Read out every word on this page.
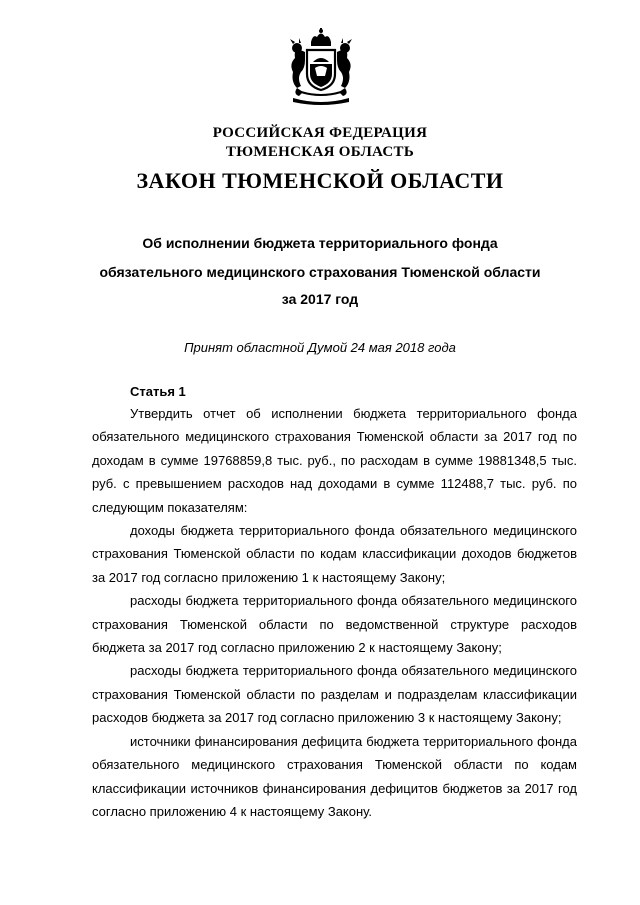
РОССИЙСКАЯ ФЕДЕРАЦИЯ
ТЮМЕНСКАЯ ОБЛАСТЬ
ЗАКОН ТЮМЕНСКОЙ ОБЛАСТИ
Об исполнении бюджета территориального фонда
обязательного медицинского страхования Тюменской области
за 2017 год
Принят областной Думой 24 мая 2018 года
Статья 1

Утвердить отчет об исполнении бюджета территориального фонда обязательного медицинского страхования Тюменской области за 2017 год по доходам в сумме 19768859,8 тыс. руб., по расходам в сумме 19881348,5 тыс. руб. с превышением расходов над доходами в сумме 112488,7 тыс. руб. по следующим показателям:

доходы бюджета территориального фонда обязательного медицинского страхования Тюменской области по кодам классификации доходов бюджетов за 2017 год согласно приложению 1 к настоящему Закону;

расходы бюджета территориального фонда обязательного медицинского страхования Тюменской области по ведомственной структуре расходов бюджета за 2017 год согласно приложению 2 к настоящему Закону;

расходы бюджета территориального фонда обязательного медицинского страхования Тюменской области по разделам и подразделам классификации расходов бюджета за 2017 год согласно приложению 3 к настоящему Закону;

источники финансирования дефицита бюджета территориального фонда обязательного медицинского страхования Тюменской области по кодам классификации источников финансирования дефицитов бюджетов за 2017 год согласно приложению 4 к настоящему Закону.
